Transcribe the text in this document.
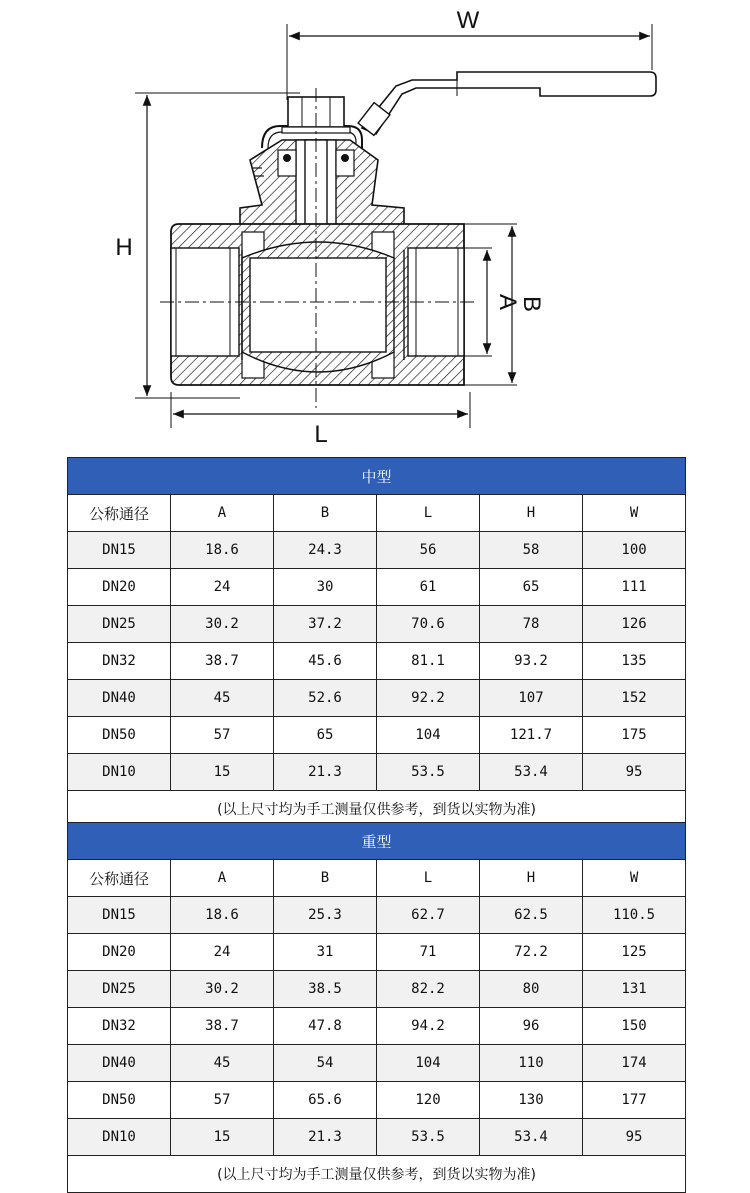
W
H
L
A
B
中型					
公称通径	A	B	L	H	W
DN15	18.6	24.3	56	58	100
DN20	24	30	61	65	111
DN25	30.2	37.2	70.6	78	126
DN32	38.7	45.6	81.1	93.2	135
DN40	45	52.6	92.2	107	152
DN50	57	65	104	121.7	175
DN10	15	21.3	53.5	53.4	95
(以上尺寸均为手工测量仅供参考，到货以实物为准)					
重型					
公称通径	A	B	L	H	W
DN15	18.6	25.3	62.7	62.5	110.5
DN20	24	31	71	72.2	125
DN25	30.2	38.5	82.2	80	131
DN32	38.7	47.8	94.2	96	150
DN40	45	54	104	110	174
DN50	57	65.6	120	130	177
DN10	15	21.3	53.5	53.4	95
(以上尺寸均为手工测量仅供参考，到货以实物为准)					
